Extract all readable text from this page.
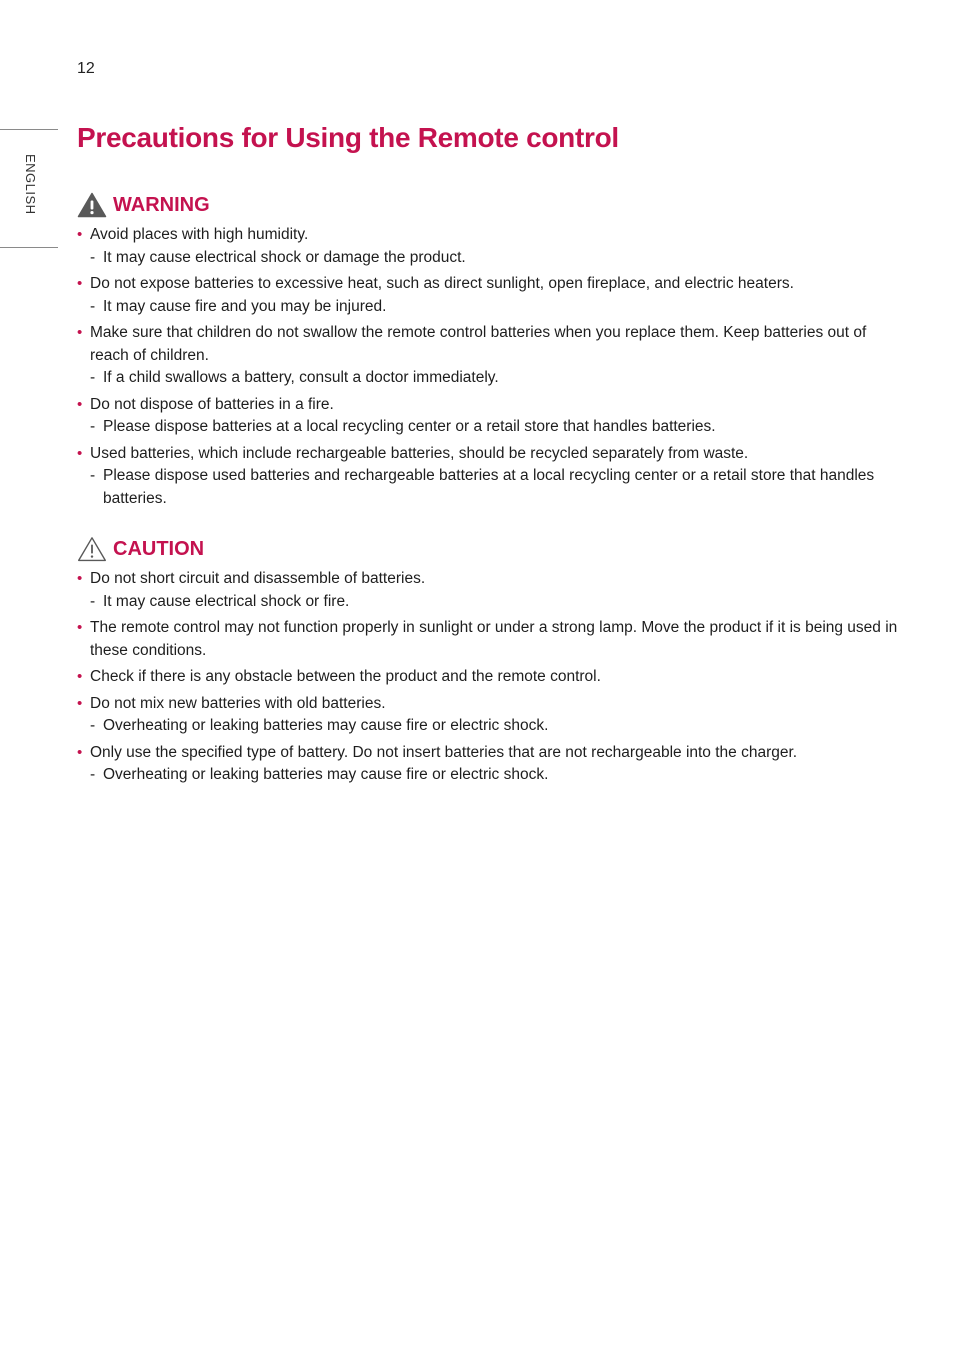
12
ENGLISH
Precautions for Using the Remote control
WARNING
• Avoid places with high humidity.
- It may cause electrical shock or damage the product.
• Do not expose batteries to excessive heat, such as direct sunlight, open fireplace, and electric heaters.
- It may cause fire and you may be injured.
• Make sure that children do not swallow the remote control batteries when you replace them. Keep batteries out of reach of children.
- If a child swallows a battery, consult a doctor immediately.
• Do not dispose of batteries in a fire.
- Please dispose batteries at a local recycling center or a retail store that handles batteries.
• Used batteries, which include rechargeable batteries, should be recycled separately from waste.
- Please dispose used batteries and rechargeable batteries at a local recycling center or a retail store that handles batteries.
CAUTION
• Do not short circuit and disassemble of batteries.
- It may cause electrical shock or fire.
• The remote control may not function properly in sunlight or under a strong lamp. Move the product if it is being used in these conditions.
• Check if there is any obstacle between the product and the remote control.
• Do not mix new batteries with old batteries.
- Overheating or leaking batteries may cause fire or electric shock.
• Only use the specified type of battery. Do not insert batteries that are not rechargeable into the charger.
- Overheating or leaking batteries may cause fire or electric shock.
